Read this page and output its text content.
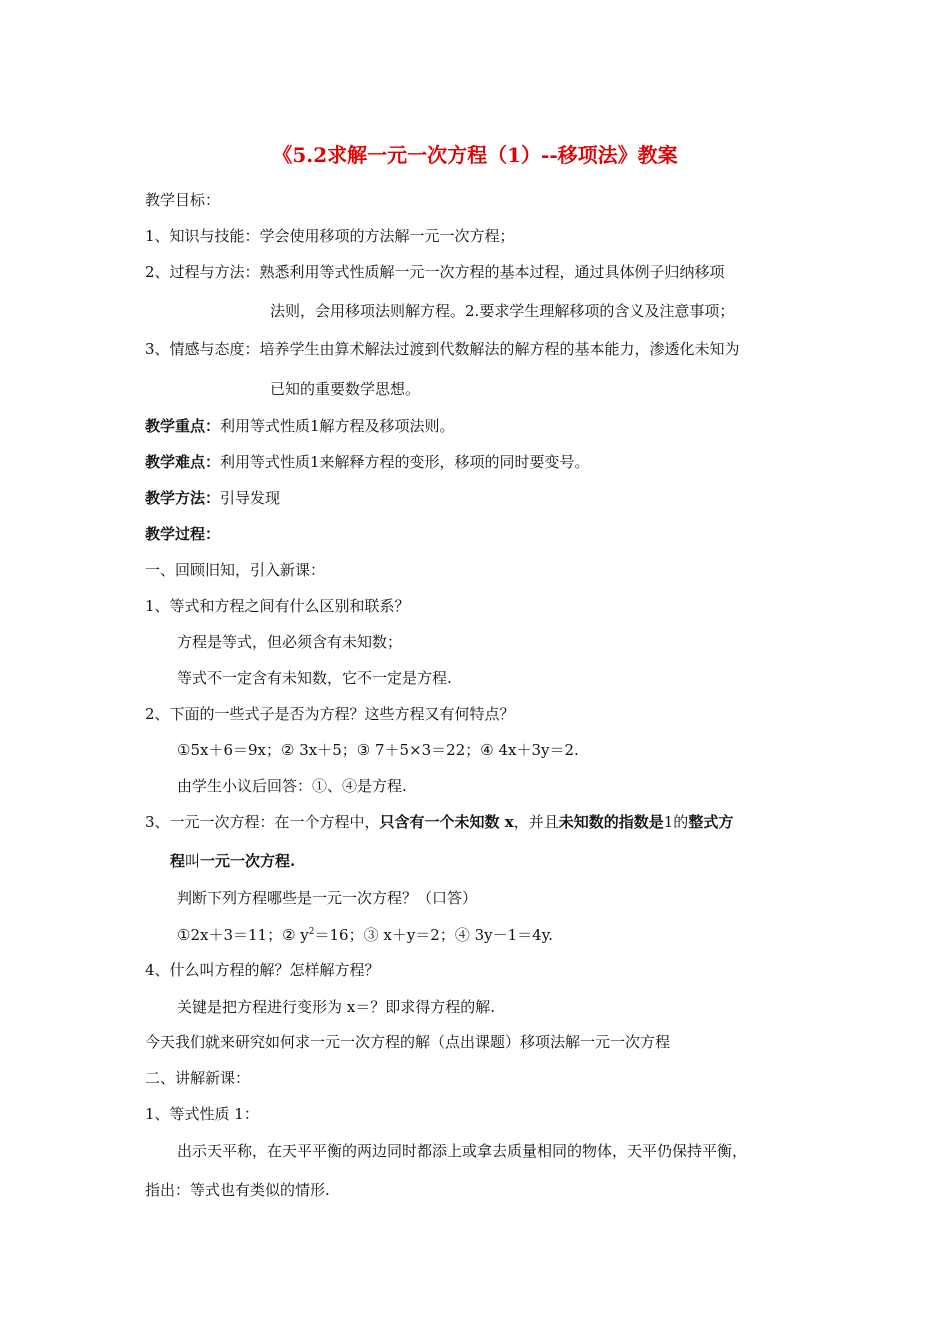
《5.2求解一元一次方程（1）--移项法》教案
教学目标：
1、知识与技能：学会使用移项的方法解一元一次方程；
2、过程与方法：熟悉利用等式性质解一元一次方程的基本过程，通过具体例子归纳移项
法则，会用移项法则解方程。2.要求学生理解移项的含义及注意事项；
3、情感与态度：培养学生由算术解法过渡到代数解法的解方程的基本能力，渗透化未知为
已知的重要数学思想。
教学重点：利用等式性质1解方程及移项法则。
教学难点：利用等式性质1来解释方程的变形，移项的同时要变号。
教学方法：引导发现
教学过程：
一、回顾旧知，引入新课：
1、等式和方程之间有什么区别和联系？
方程是等式，但必须含有未知数；
等式不一定含有未知数，它不一定是方程.
2、下面的一些式子是否为方程？这些方程又有何特点？
①5x＋6＝9x；② 3x＋5；③ 7＋5×3＝22；④ 4x＋3y＝2.
由学生小议后回答：①、④是方程.
3、一元一次方程：在一个方程中，只含有一个未知数 x，并且未知数的指数是1的整式方
程叫一元一次方程.
判断下列方程哪些是一元一次方程？（口答）
①2x＋3＝11；② $y^2=16$；③ x＋y＝2；④ 3y－1＝4y.
4、什么叫方程的解？怎样解方程？
关键是把方程进行变形为 x＝？即求得方程的解.
今天我们就来研究如何求一元一次方程的解（点出课题）移项法解一元一次方程
二、讲解新课：
1、等式性质 1：
出示天平称，在天平平衡的两边同时都添上或拿去质量相同的物体，天平仍保持平衡，
指出：等式也有类似的情形.
